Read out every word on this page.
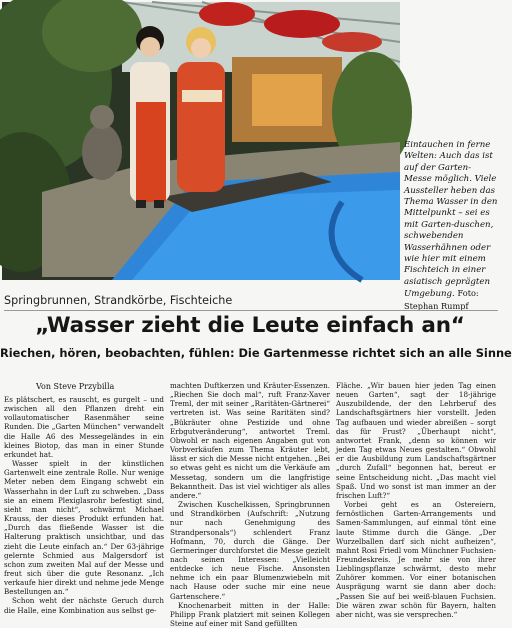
Eintauchen in ferne Welten: Auch das ist auf der Garten-Messe möglich. Viele Aussteller heben das Thema Wasser in den Mittelpunkt – sei es mit Garten-duschen, schwebenden Wasserhähnen oder wie hier mit einem Fischteich in einer asiatisch geprägten Umgebung. Foto: Stephan Rumpf
Springbrunnen, Strandkörbe, Fischteiche
„Wasser zieht die Leute einfach an“
Riechen, hören, beobachten, fühlen: Die Gartenmesse richtet sich an alle Sinne
Von Steve Przybilla

Es plätschert, es rauscht, es gurgelt – und zwischen all den Pflanzen dreht ein vollautomatischer Rasenmäher seine Runden. Die „Garten München“ verwandelt die Halle A6 des Messegeländes in ein kleines Biotop, das man in einer Stunde erkundet hat.

Wasser spielt in der künstlichen Gartenwelt eine zentrale Rolle. Nur wenige Meter neben dem Eingang schwebt ein Wasserhahn in der Luft zu schweben. „Dass sie an einem Plexiglasrohr befestigt sind, sieht man nicht“, schwärmt Michael Krauss, der dieses Produkt erfunden hat. „Durch das fließende Wasser ist die Halterung praktisch unsichtbar, und das zieht die Leute einfach an.“ Der 63-jährige gelernte Schmied aus Malgersdorf ist schon zum zweiten Mal auf der Messe und freut sich über die gute Resonanz. „Ich verkaufe hier direkt und nehme jede Menge Bestellungen an.“

Schon weht der nächste Geruch durch die Halle, eine Kombination aus selbst ge-

machten Duftkerzen und Kräuter-Essenzen. „Riechen Sie doch mal“, ruft Franz-Xaver Treml, der mit seiner „Raritäten-Gärtnerei“ vertreten ist. Was seine Raritäten sind? „Bükräuter ohne Pestizide und ohne Erbgutveränderung“, antwortet Treml. Obwohl er nach eigenen Angaben gut von Vorbverkäufen zum Thema Kräuter lebt, lässt er sich die Messe nicht entgehen. „Bei so etwas geht es nicht um die Verkäufe am Messetag, sondern um die langfristige Bekanntheit. Das ist viel wichtiger als alles andere.“

Zwischen Kuschelkissen, Springbrunnen und Strandkörben (Aufschrift: „Nutzung nur nach Genehmigung des Strandpersonals“) schlendert Franz Hofmann, 70, durch die Gänge. Der Germeringer durchforstet die Messe gezielt nach seinen Interessen: „Vielleicht entdecke ich neue Fische. Ansonsten nehme ich ein paar Blumenzwiebeln mit nach Hause oder suche mir eine neue Gartenschere.“

Knochenarbeit mitten in der Halle: Philipp Frank platziert mit seinen Kollegen Steine auf einer mit Sand gefüllten

Fläche. „Wir bauen hier jeden Tag einen neuen Garten“, sagt der 18-jährige Auszubildende, der den Lehrberuf des Landschaftsgärtners hier vorstellt. Jeden Tag aufbauen und wieder abreißen – sorgt das für Frust? „Überhaupt nicht“, antwortet Frank, „denn so können wir jeden Tag etwas Neues gestalten.“ Obwohl er die Ausbildung zum Landschaftsgärtner „durch Zufall“ begonnen hat, bereut er seine Entscheidung nicht. „Das macht viel Spaß. Und wo sonst ist man immer an der frischen Luft?“

Vorbei geht es an Ostereiern, fernöstlichen Garten-Arrangements und Samen-Sammlungen, auf einmal tönt eine laute Stimme durch die Gänge. „Der Wurzelballen darf sich nicht aufheizen“, mahnt Rosi Friedl vom Münchner Fuchsien-Freundeskreis. Je mehr sie von ihrer Lieblingspflanze schwärmt, desto mehr Zuhörer kommen. Vor einer botanischen Ausprägung warnt sie dann aber doch: „Passen Sie auf bei weiß-blauen Fuchsien. Die wären zwar schön für Bayern, halten aber nicht, was sie versprechen.“
